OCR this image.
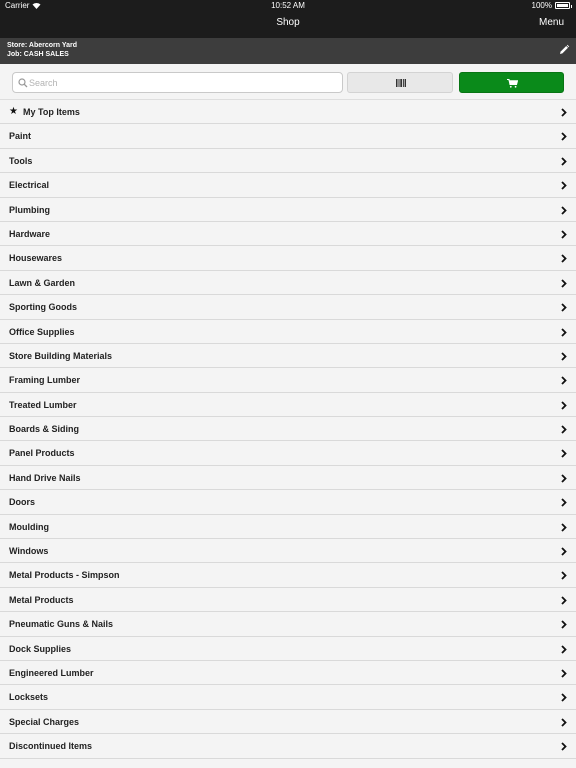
Carrier	10:52 AM	100%
Shop	Menu
Store: Abercorn Yard
Job: CASH SALES
Search
★ My Top Items
Paint
Tools
Electrical
Plumbing
Hardware
Housewares
Lawn & Garden
Sporting Goods
Office Supplies
Store Building Materials
Framing Lumber
Treated Lumber
Boards & Siding
Panel Products
Hand Drive Nails
Doors
Moulding
Windows
Metal Products - Simpson
Metal Products
Pneumatic Guns & Nails
Dock Supplies
Engineered Lumber
Locksets
Special Charges
Discontinued Items
